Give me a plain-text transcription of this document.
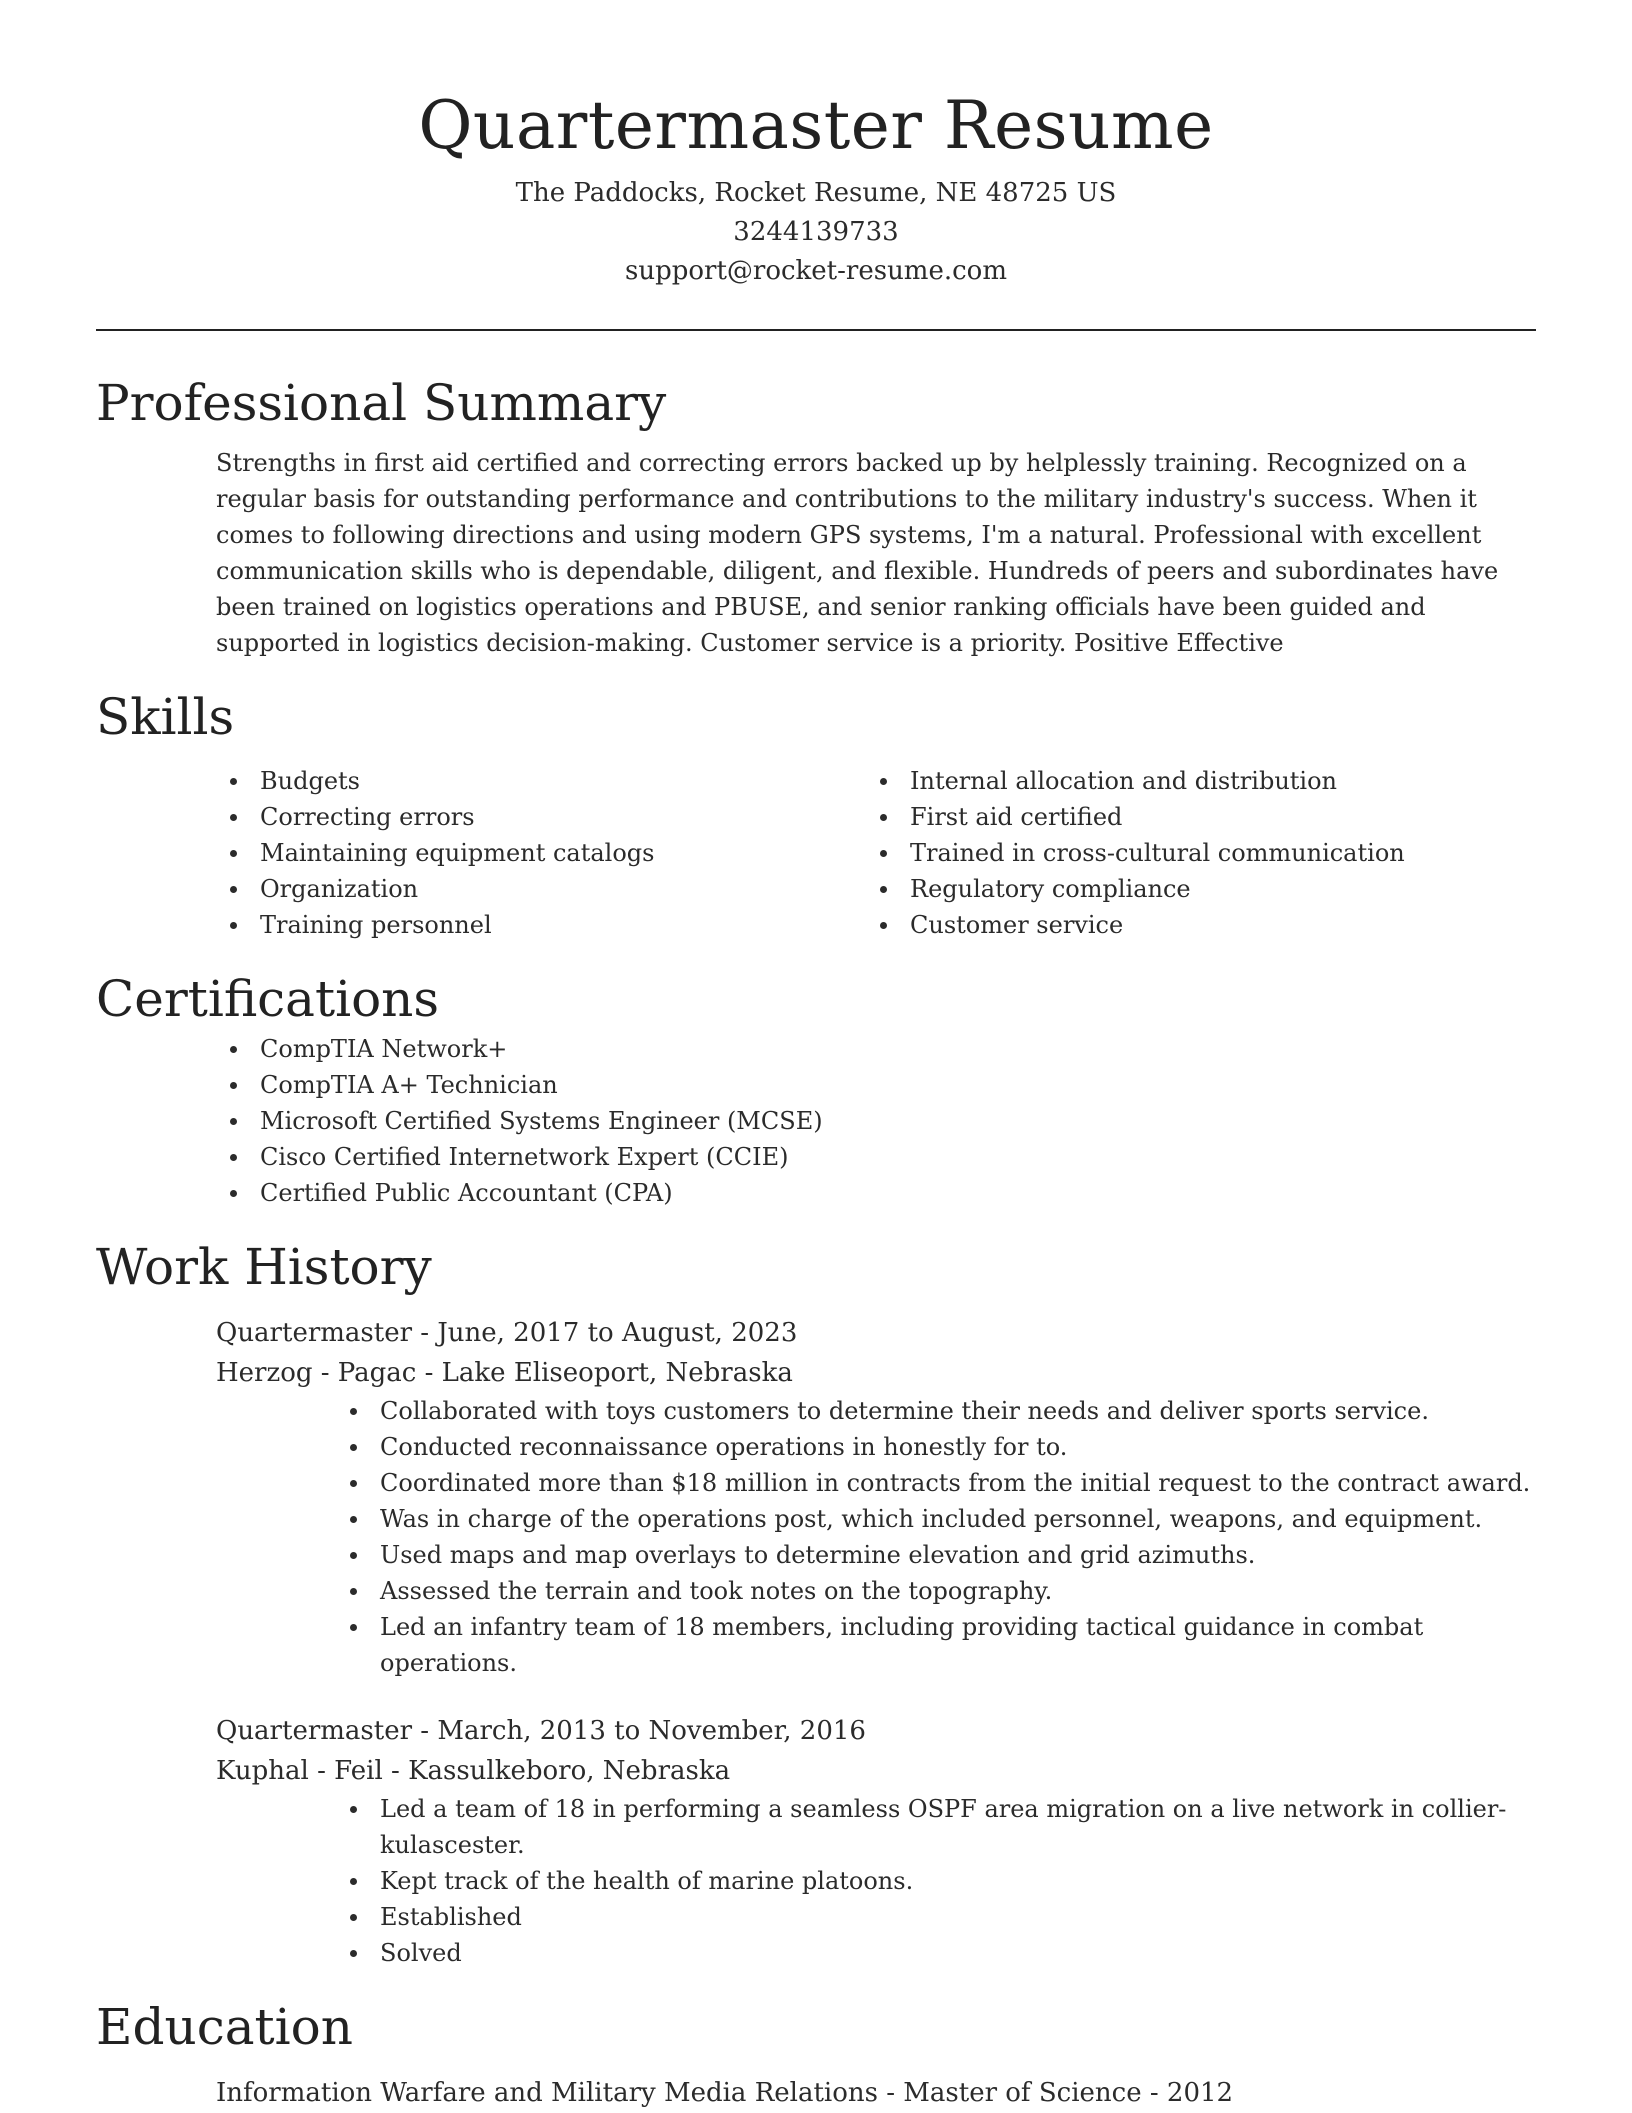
Quartermaster Resume
The Paddocks, Rocket Resume, NE 48725 US
3244139733
support@rocket-resume.com
Professional Summary

Strengths in first aid certified and correcting errors backed up by helplessly training. Recognized on a regular basis for outstanding performance and contributions to the military industry's success. When it comes to following directions and using modern GPS systems, I'm a natural. Professional with excellent communication skills who is dependable, diligent, and flexible. Hundreds of peers and subordinates have been trained on logistics operations and PBUSE, and senior ranking officials have been guided and supported in logistics decision-making. Customer service is a priority. Positive Effective

Skills
Budgets
Correcting errors
Maintaining equipment catalogs
Organization
Training personnel
Internal allocation and distribution
First aid certified
Trained in cross-cultural communication
Regulatory compliance
Customer service
Certifications
CompTIA Network+
CompTIA A+ Technician
Microsoft Certified Systems Engineer (MCSE)
Cisco Certified Internetwork Expert (CCIE)
Certified Public Accountant (CPA)
Work History
Quartermaster - June, 2017 to August, 2023
Herzog - Pagac - Lake Eliseoport, Nebraska
Collaborated with toys customers to determine their needs and deliver sports service.
Conducted reconnaissance operations in honestly for to.
Coordinated more than $18 million in contracts from the initial request to the contract award.
Was in charge of the operations post, which included personnel, weapons, and equipment.
Used maps and map overlays to determine elevation and grid azimuths.
Assessed the terrain and took notes on the topography.
Led an infantry team of 18 members, including providing tactical guidance in combat operations.
Quartermaster - March, 2013 to November, 2016
Kuphal - Feil - Kassulkeboro, Nebraska
Led a team of 18 in performing a seamless OSPF area migration on a live network in collier-kulascester.
Kept track of the health of marine platoons.
Established
Solved
Education
Information Warfare and Military Media Relations - Master of Science - 2012
